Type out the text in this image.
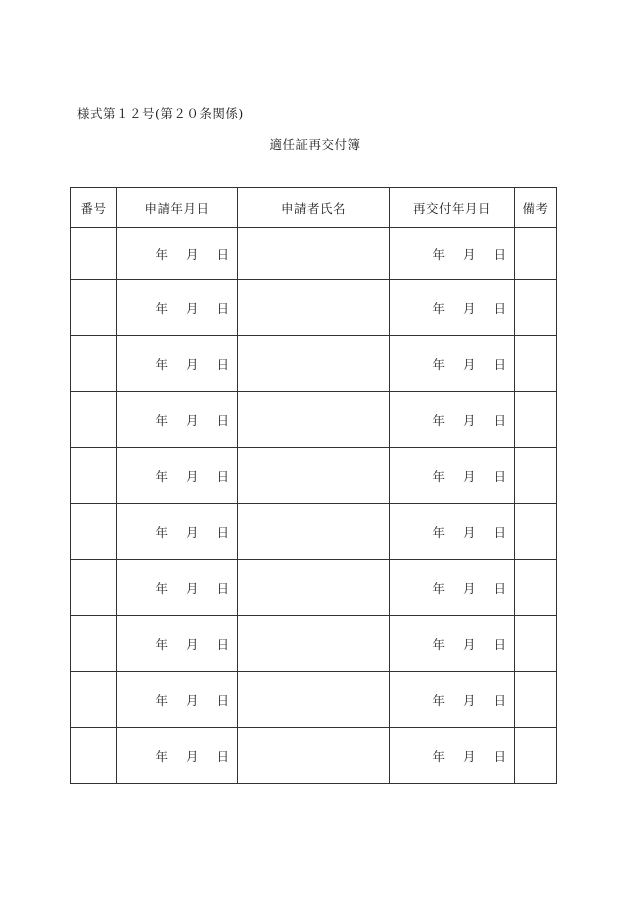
様式第１２号(第２０条関係)
適任証再交付簿
番号	申請年月日	申請者氏名	再交付年月日	備考
	年 月 日		年 月 日	
	年 月 日		年 月 日	
	年 月 日		年 月 日	
	年 月 日		年 月 日	
	年 月 日		年 月 日	
	年 月 日		年 月 日	
	年 月 日		年 月 日	
	年 月 日		年 月 日	
	年 月 日		年 月 日	
	年 月 日		年 月 日	
